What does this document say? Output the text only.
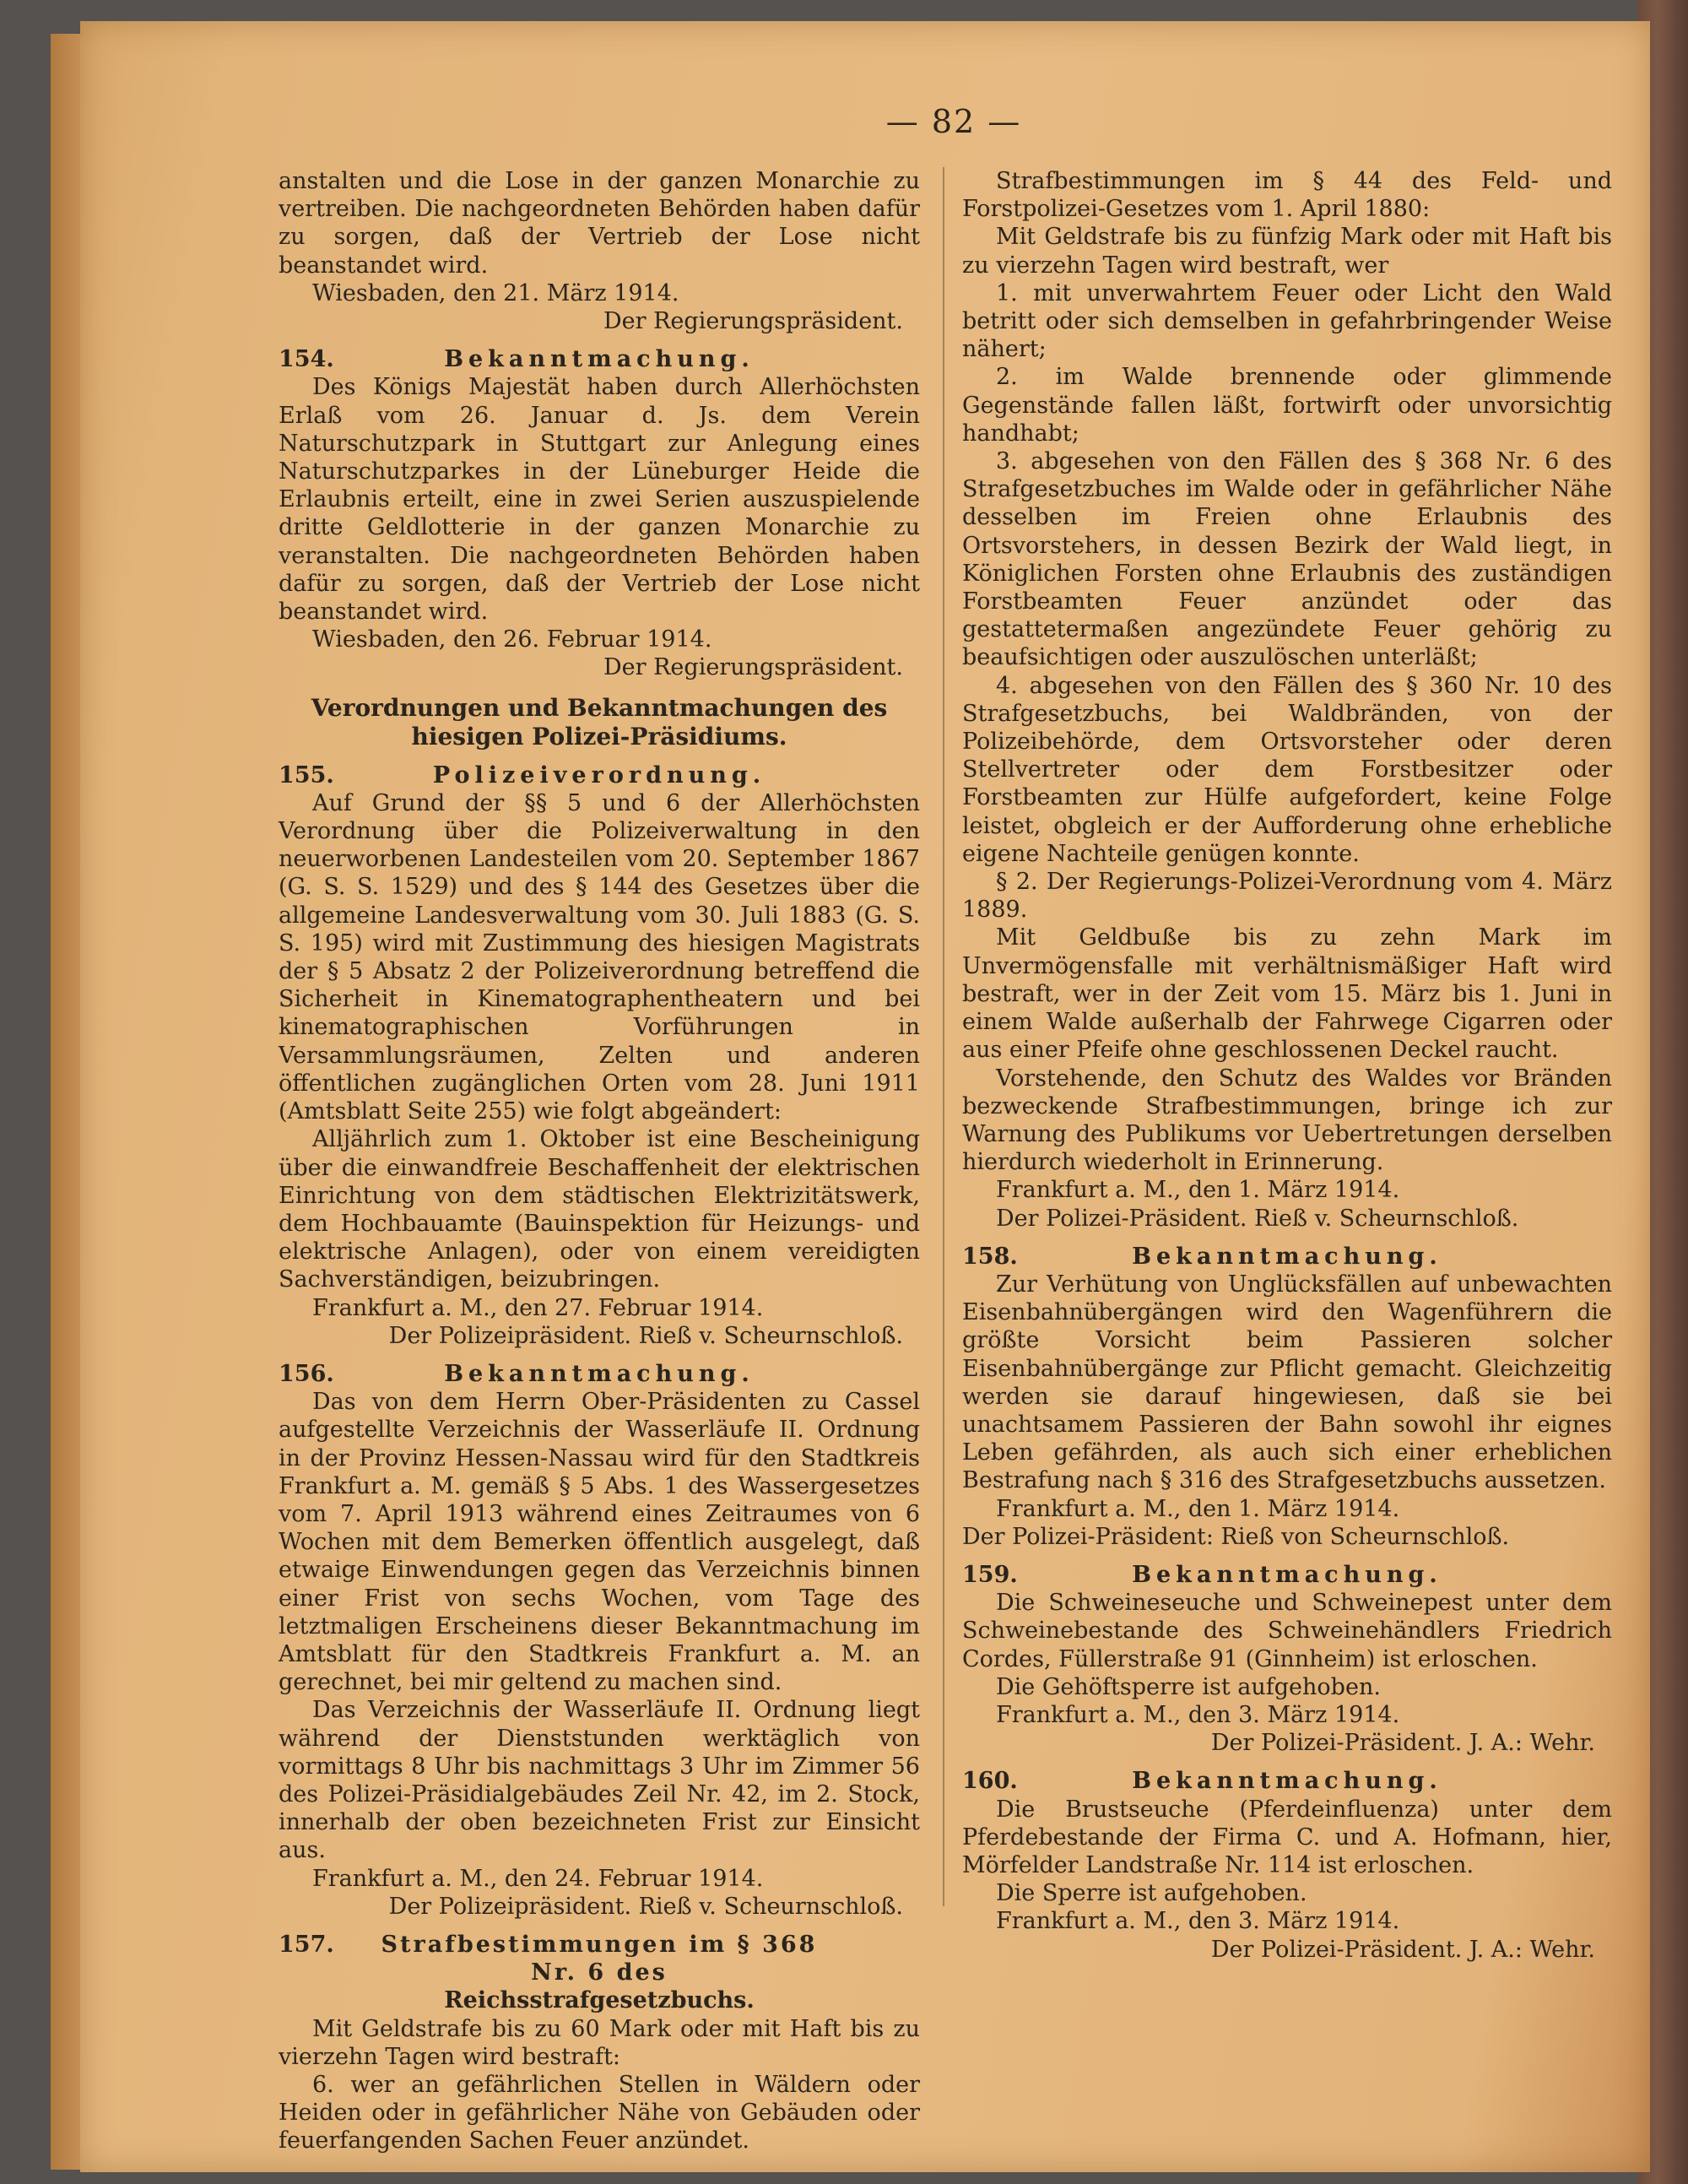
— 82 —

anstalten und die Lose in der ganzen Monarchie zu vertreiben. Die nachgeordneten Behörden haben dafür zu sorgen, daß der Vertrieb der Lose nicht beanstandet wird.

Wiesbaden, den 21. März 1914.

Der Regierungspräsident.

154.	Bekanntmachung.

Des Königs Majestät haben durch Allerhöchsten Erlaß vom 26. Januar d. Js. dem Verein Naturschutzpark in Stuttgart zur Anlegung eines Naturschutzparkes in der Lüneburger Heide die Erlaubnis erteilt, eine in zwei Serien auszuspielende dritte Geldlotterie in der ganzen Monarchie zu veranstalten. Die nachgeordneten Behörden haben dafür zu sorgen, daß der Vertrieb der Lose nicht beanstandet wird.

Wiesbaden, den 26. Februar 1914.

Der Regierungspräsident.

Verordnungen und Bekanntmachungen des hiesigen Polizei-Präsidiums.

155.	Polizeiverordnung.

Auf Grund der §§ 5 und 6 der Allerhöchsten Verordnung über die Polizeiverwaltung in den neuerworbenen Landesteilen vom 20. September 1867 (G. S. S. 1529) und des § 144 des Gesetzes über die allgemeine Landesverwaltung vom 30. Juli 1883 (G. S. S. 195) wird mit Zustimmung des hiesigen Magistrats der § 5 Absatz 2 der Polizeiverordnung betreffend die Sicherheit in Kinematographentheatern und bei kinematographischen Vorführungen in Versammlungsräumen, Zelten und anderen öffentlichen zugänglichen Orten vom 28. Juni 1911 (Amtsblatt Seite 255) wie folgt abgeändert:

Alljährlich zum 1. Oktober ist eine Bescheinigung über die einwandfreie Beschaffenheit der elektrischen Einrichtung von dem städtischen Elektrizitätswerk, dem Hochbauamte (Bauinspektion für Heizungs- und elektrische Anlagen), oder von einem vereidigten Sachverständigen, beizubringen.

Frankfurt a. M., den 27. Februar 1914.

Der Polizeipräsident. Rieß v. Scheurnschloß.

156.	Bekanntmachung.

Das von dem Herrn Ober-Präsidenten zu Cassel aufgestellte Verzeichnis der Wasserläufe II. Ordnung in der Provinz Hessen-Nassau wird für den Stadtkreis Frankfurt a. M. gemäß § 5 Abs. 1 des Wassergesetzes vom 7. April 1913 während eines Zeitraumes von 6 Wochen mit dem Bemerken öffentlich ausgelegt, daß etwaige Einwendungen gegen das Verzeichnis binnen einer Frist von sechs Wochen, vom Tage des letztmaligen Erscheinens dieser Bekanntmachung im Amtsblatt für den Stadtkreis Frankfurt a. M. an gerechnet, bei mir geltend zu machen sind.

Das Verzeichnis der Wasserläufe II. Ordnung liegt während der Dienststunden werktäglich von vormittags 8 Uhr bis nachmittags 3 Uhr im Zimmer 56 des Polizei-Präsidialgebäudes Zeil Nr. 42, im 2. Stock, innerhalb der oben bezeichneten Frist zur Einsicht aus.

Frankfurt a. M., den 24. Februar 1914.

Der Polizeipräsident. Rieß v. Scheurnschloß.

157.	Strafbestimmungen im § 368 Nr. 6 des

Reichsstrafgesetzbuchs.

Mit Geldstrafe bis zu 60 Mark oder mit Haft bis zu vierzehn Tagen wird bestraft:

6. wer an gefährlichen Stellen in Wäldern oder Heiden oder in gefährlicher Nähe von Gebäuden oder feuerfangenden Sachen Feuer anzündet.

Strafbestimmungen im § 44 des Feld- und Forstpolizei-Gesetzes vom 1. April 1880:

Mit Geldstrafe bis zu fünfzig Mark oder mit Haft bis zu vierzehn Tagen wird bestraft, wer

1. mit unverwahrtem Feuer oder Licht den Wald betritt oder sich demselben in gefahrbringender Weise nähert;

2. im Walde brennende oder glimmende Gegenstände fallen läßt, fortwirft oder unvorsichtig handhabt;

3. abgesehen von den Fällen des § 368 Nr. 6 des Strafgesetzbuches im Walde oder in gefährlicher Nähe desselben im Freien ohne Erlaubnis des Ortsvorstehers, in dessen Bezirk der Wald liegt, in Königlichen Forsten ohne Erlaubnis des zuständigen Forstbeamten Feuer anzündet oder das gestattetermaßen angezündete Feuer gehörig zu beaufsichtigen oder auszulöschen unterläßt;

4. abgesehen von den Fällen des § 360 Nr. 10 des Strafgesetzbuchs, bei Waldbränden, von der Polizeibehörde, dem Ortsvorsteher oder deren Stellvertreter oder dem Forstbesitzer oder Forstbeamten zur Hülfe aufgefordert, keine Folge leistet, obgleich er der Aufforderung ohne erhebliche eigene Nachteile genügen konnte.

§ 2. Der Regierungs-Polizei-Verordnung vom 4. März 1889.

Mit Geldbuße bis zu zehn Mark im Unvermögensfalle mit verhältnismäßiger Haft wird bestraft, wer in der Zeit vom 15. März bis 1. Juni in einem Walde außerhalb der Fahrwege Cigarren oder aus einer Pfeife ohne geschlossenen Deckel raucht.

Vorstehende, den Schutz des Waldes vor Bränden bezweckende Strafbestimmungen, bringe ich zur Warnung des Publikums vor Uebertretungen derselben hierdurch wiederholt in Erinnerung.

Frankfurt a. M., den 1. März 1914.

Der Polizei-Präsident. Rieß v. Scheurnschloß.

158.	Bekanntmachung.

Zur Verhütung von Unglücksfällen auf unbewachten Eisenbahnübergängen wird den Wagenführern die größte Vorsicht beim Passieren solcher Eisenbahnübergänge zur Pflicht gemacht. Gleichzeitig werden sie darauf hingewiesen, daß sie bei unachtsamem Passieren der Bahn sowohl ihr eignes Leben gefährden, als auch sich einer erheblichen Bestrafung nach § 316 des Strafgesetzbuchs aussetzen.

Frankfurt a. M., den 1. März 1914.

Der Polizei-Präsident: Rieß von Scheurnschloß.

159.	Bekanntmachung.

Die Schweineseuche und Schweinepest unter dem Schweinebestande des Schweinehändlers Friedrich Cordes, Füllerstraße 91 (Ginnheim) ist erloschen.

Die Gehöftsperre ist aufgehoben.

Frankfurt a. M., den 3. März 1914.

Der Polizei-Präsident. J. A.: Wehr.

160.	Bekanntmachung.

Die Brustseuche (Pferdeinfluenza) unter dem Pferdebestande der Firma C. und A. Hofmann, hier, Mörfelder Landstraße Nr. 114 ist erloschen.

Die Sperre ist aufgehoben.

Frankfurt a. M., den 3. März 1914.

Der Polizei-Präsident. J. A.: Wehr.
